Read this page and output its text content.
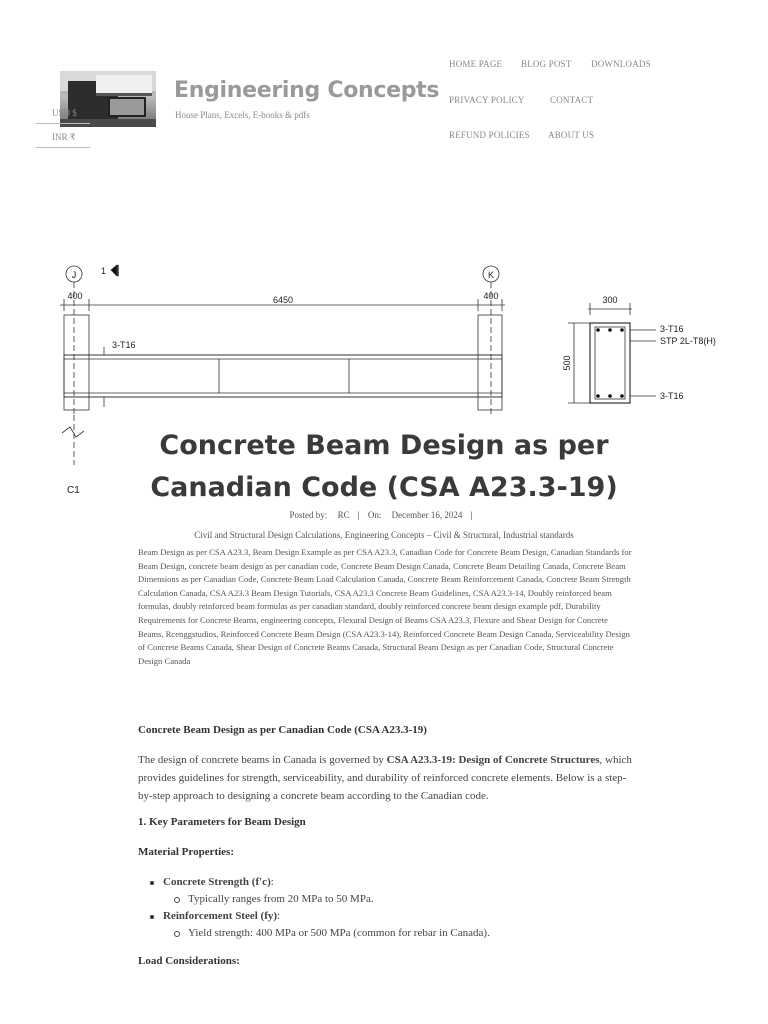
USD $
INR ₹
Engineering Concepts
House Plans, Excels, E-books & pdfs
HOME PAGE BLOG POST DOWNLOADS
PRIVACY POLICY	CONTACT
REFUND POLICIES ABOUT US
J	K
1
400	6450	400
3-T16
C1
300
500
3-T16
STP 2L-T8(H)
3-T16
Concrete Beam Design as per Canadian Code (CSA A23.3-19)
Posted by: RC | On: December 16, 2024 |
Civil and Structural Design Calculations, Engineering Concepts – Civil & Structural, Industrial standards

Beam Design as per CSA A23.3, Beam Design Example as per CSA A23.3, Canadian Code for Concrete Beam Design, Canadian Standards for Beam Design, concrete beam design as per canadian code, Concrete Beam Design Canada, Concrete Beam Detailing Canada, Concrete Beam Dimensions as per Canadian Code, Concrete Beam Load Calculation Canada, Concrete Beam Reinforcement Canada, Concrete Beam Strength Calculation Canada, CSA A23.3 Beam Design Tutorials, CSA A23.3 Concrete Beam Guidelines, CSA A23.3-14, Doubly reinforced beam formulas, doubly reinforced beam formulas as per canadian standard, doubly reinforced concrete beam design example pdf, Durability Requirements for Concrete Beams, engineering concepts, Flexural Design of Beams CSA A23.3, Flexure and Shear Design for Concrete Beams, Rcenggstudios, Reinforced Concrete Beam Design (CSA A23.3-14), Reinforced Concrete Beam Design Canada, Serviceability Design of Concrete Beams Canada, Shear Design of Concrete Beams Canada, Structural Beam Design as per Canadian Code, Structural Concrete Design Canada

Concrete Beam Design as per Canadian Code (CSA A23.3-19)

The design of concrete beams in Canada is governed by CSA A23.3-19: Design of Concrete Structures, which provides guidelines for strength, serviceability, and durability of reinforced concrete elements. Below is a step-by-step approach to designing a concrete beam according to the Canadian code.

1. Key Parameters for Beam Design
Material Properties:
Concrete Strength (f'c):
Typically ranges from 20 MPa to 50 MPa.
Reinforcement Steel (fy):
Yield strength: 400 MPa or 500 MPa (common for rebar in Canada).
Load Considerations:
